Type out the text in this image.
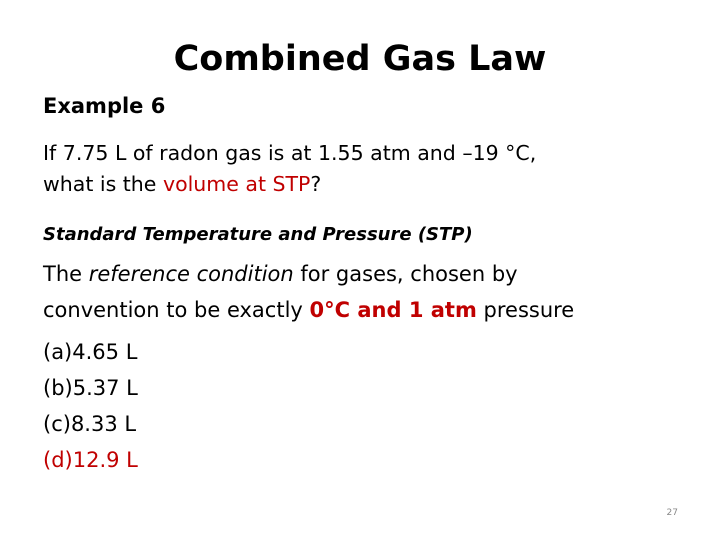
Combined Gas Law
Example 6
If 7.75 L of radon gas is at 1.55 atm and –19 °C,
what is the volume at STP?
Standard Temperature and Pressure (STP)
The reference condition for gases, chosen by
convention to be exactly 0°C and 1 atm pressure
(a)4.65 L
(b)5.37 L
(c)8.33 L
(d)12.9 L
27
